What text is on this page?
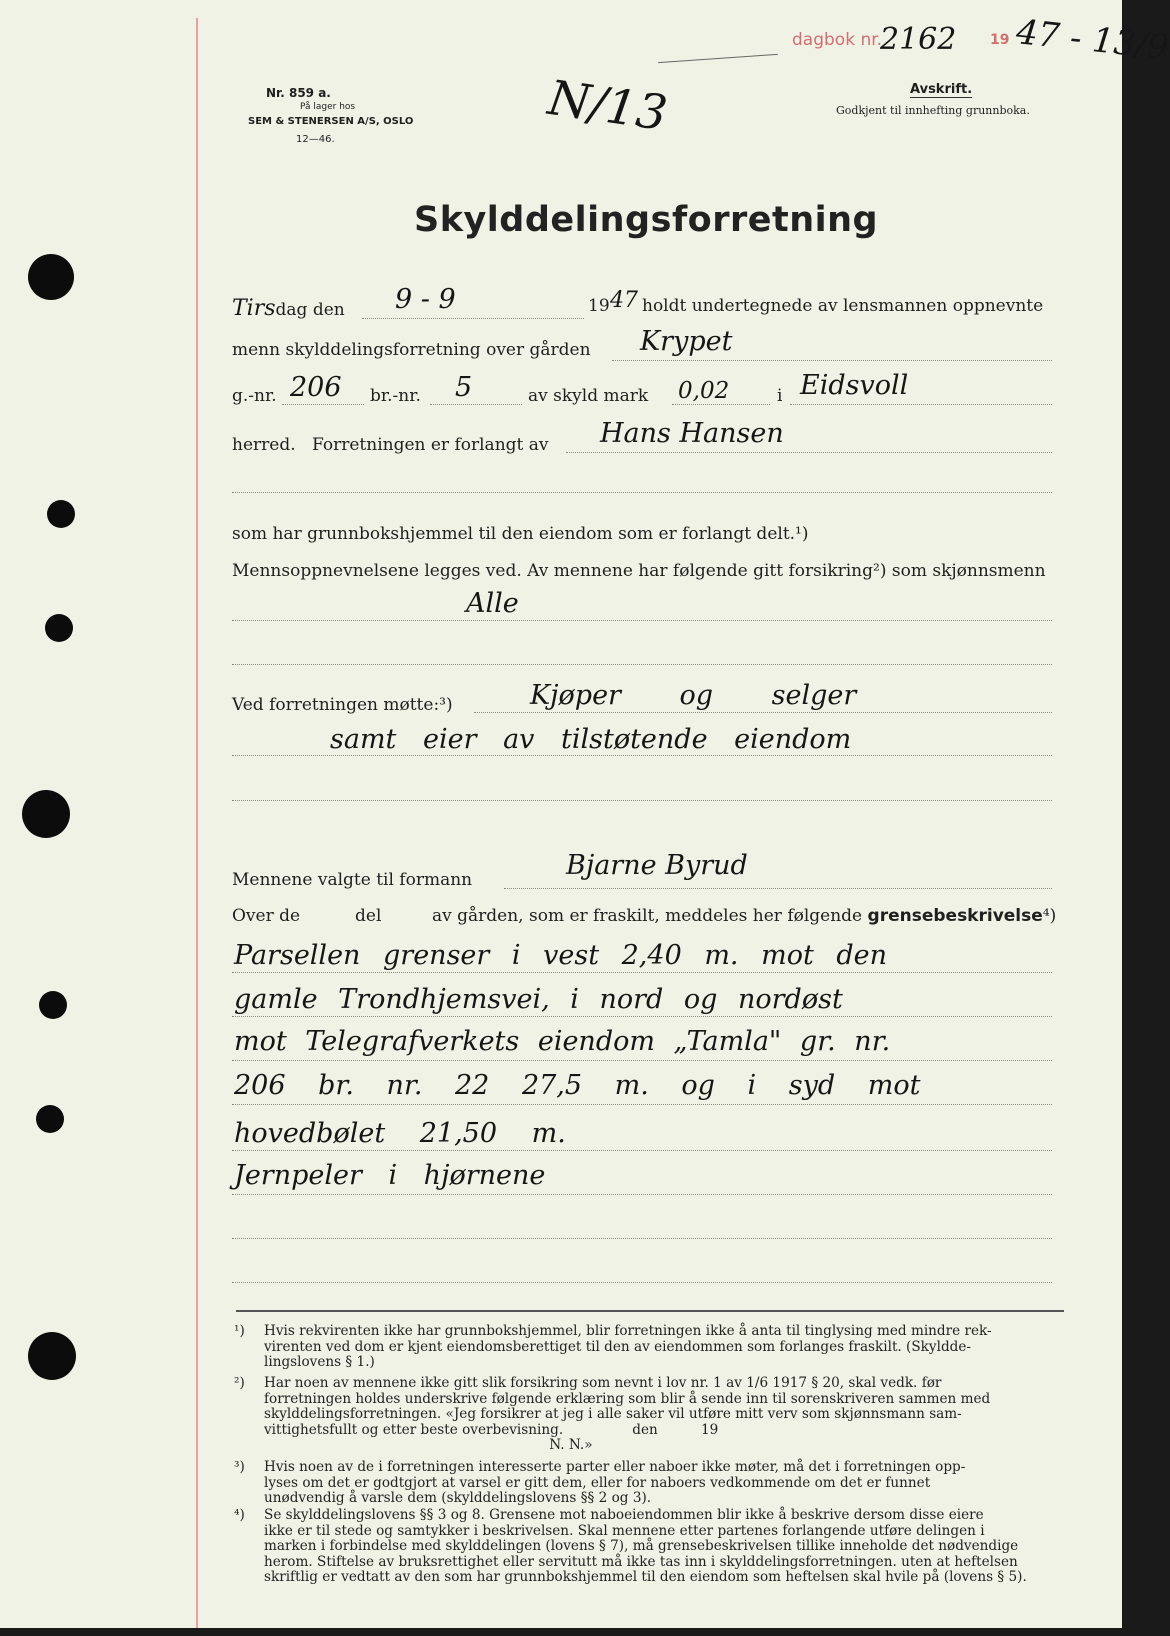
Nr. 859 a.
På lager hos
SEM & STENERSEN A/S, OSLO
12—46.	N/13
dagbok nr.
2162 19 47 - 13/9
Avskrift.
Godkjent til innhefting grunnboka.
Skylddelingsforretning
Tirsdag den 9 - 9	19 47 holdt undertegnede av lensmannen oppnevnte
menn skylddelingsforretning over gården Krypet
g.-nr. 206 br.-nr. 5	av skyld mark 0,02	i Eidsvoll
herred. Forretningen er forlangt av Hans Hansen
som har grunnbokshjemmel til den eiendom som er forlangt delt.¹)
Mennsoppnevnelsene legges ved. Av mennene har følgende gitt forsikring²) som skjønnsmenn
Alle
Ved forretningen møtte:³)	Kjøper og selger
samt eier av tilstøtende eiendom
Mennene valgte til formann	Bjarne Byrud
Over de	del	av gården, som er fraskilt, meddeles her følgende grensebeskrivelse⁴)
Parsellen grenser i vest 2,40 m. mot den
gamle Trondhjemsvei, i nord og nordøst
mot Telegrafverkets eiendom „Tamla" gr. nr.
206 br. nr. 22 27,5 m. og i syd mot
hovedbølet 21,50 m.
Jernpeler i hjørnene
¹) Hvis rekvirenten ikke har grunnbokshjemmel, blir forretningen ikke å anta til tinglysing med mindre rek-
virenten ved dom er kjent eiendomsberettiget til den av eiendommen som forlanges fraskilt. (Skyldde-
lingslovens § 1.)
²) Har noen av mennene ikke gitt slik forsikring som nevnt i lov nr. 1 av 1/6 1917 § 20, skal vedk. før
forretningen holdes underskrive følgende erklæring som blir å sende inn til sorenskriveren sammen med
skylddelingsforretningen. «Jeg forsikrer at jeg i alle saker vil utføre mitt verv som skjønnsmann sam-
vittighetsfullt og etter beste overbevisning.                den          19
N. N.»
³) Hvis noen av de i forretningen interesserte parter eller naboer ikke møter, må det i forretningen opp-
lyses om det er godtgjort at varsel er gitt dem, eller for naboers vedkommende om det er funnet
unødvendig å varsle dem (skylddelingslovens §§ 2 og 3).
⁴) Se skylddelingslovens §§ 3 og 8. Grensene mot naboeiendommen blir ikke å beskrive dersom disse eiere
ikke er til stede og samtykker i beskrivelsen. Skal mennene etter partenes forlangende utføre delingen i
marken i forbindelse med skylddelingen (lovens § 7), må grensebeskrivelsen tillike inneholde det nødvendige
herom. Stiftelse av bruksrettighet eller servitutt må ikke tas inn i skylddelingsforretningen. uten at heftelsen
skriftlig er vedtatt av den som har grunnbokshjemmel til den eiendom som heftelsen skal hvile på (lovens § 5).
